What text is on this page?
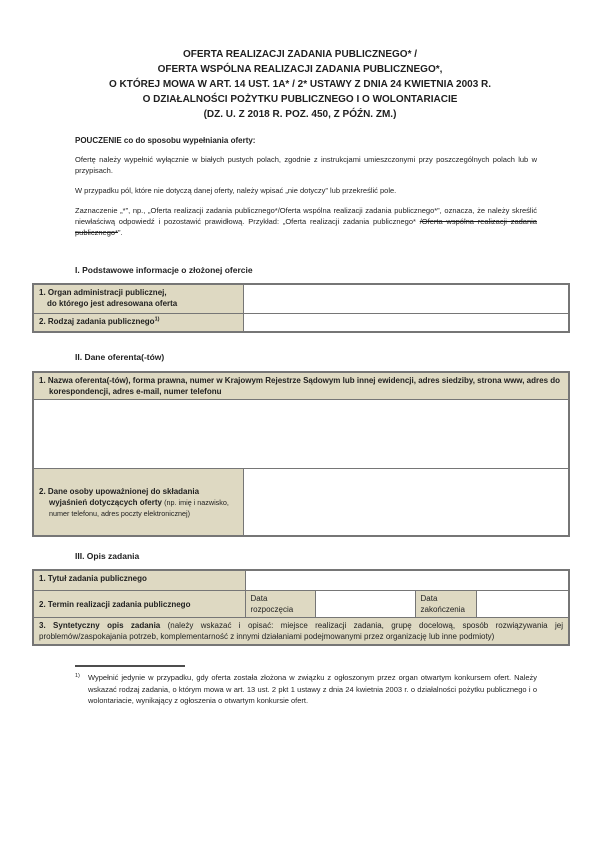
OFERTA REALIZACJI ZADANIA PUBLICZNEGO* /
OFERTA WSPÓLNA REALIZACJI ZADANIA PUBLICZNEGO*,
O KTÓREJ MOWA W ART. 14 UST. 1A* / 2* USTAWY Z DNIA 24 KWIETNIA 2003 R.
O DZIAŁALNOŚCI POŻYTKU PUBLICZNEGO I O WOLONTARIACIE
(DZ. U. Z 2018 R. POZ. 450, Z PÓŹN. ZM.)
POUCZENIE co do sposobu wypełniania oferty:
Ofertę należy wypełnić wyłącznie w białych pustych polach, zgodnie z instrukcjami umieszczonymi przy poszczególnych polach lub w przypisach.
W przypadku pól, które nie dotyczą danej oferty, należy wpisać „nie dotyczy” lub przekreślić pole.
Zaznaczenie „*”, np., „Oferta realizacji zadania publicznego*/Oferta wspólna realizacji zadania publicznego*”, oznacza, że należy skreślić niewłaściwą odpowiedź i pozostawić prawidłową. Przykład: „Oferta realizacji zadania publicznego* /Oferta wspólna realizacji zadania publicznego*”.
I. Podstawowe informacje o złożonej ofercie
1. Organ administracji publicznej,
do którego jest adresowana oferta	

2. Rodzaj zadania publicznego$^{1)}$	
II. Dane oferenta(-tów)
1. Nazwa oferenta(-tów), forma prawna, numer w Krajowym Rejestrze Sądowym lub innej ewidencji, adres siedziby, strona www, adres do korespondencji, adres e-mail, numer telefonu

2. Dane osoby upoważnionej do składania wyjaśnień dotyczących oferty (np. imię i nazwisko, numer telefonu, adres poczty elektronicznej)

III. Opis zadania
1. Tytuł zadania publicznego				
2. Termin realizacji zadania publicznego	Data rozpoczęcia		Data zakończenia	
3. Syntetyczny opis zadania (należy wskazać i opisać: miejsce realizacji zadania, grupę docelową, sposób rozwiązywania jej problemów/zaspokajania potrzeb, komplementarność z innymi działaniami podejmowanymi przez organizację lub inne podmioty)				
1) Wypełnić jedynie w przypadku, gdy oferta została złożona w związku z ogłoszonym przez organ otwartym konkursem ofert. Należy wskazać rodzaj zadania, o którym mowa w art. 13 ust. 2 pkt 1 ustawy z dnia 24 kwietnia 2003 r. o działalności pożytku publicznego i o wolontariacie, wynikający z ogłoszenia o otwartym konkursie ofert.
